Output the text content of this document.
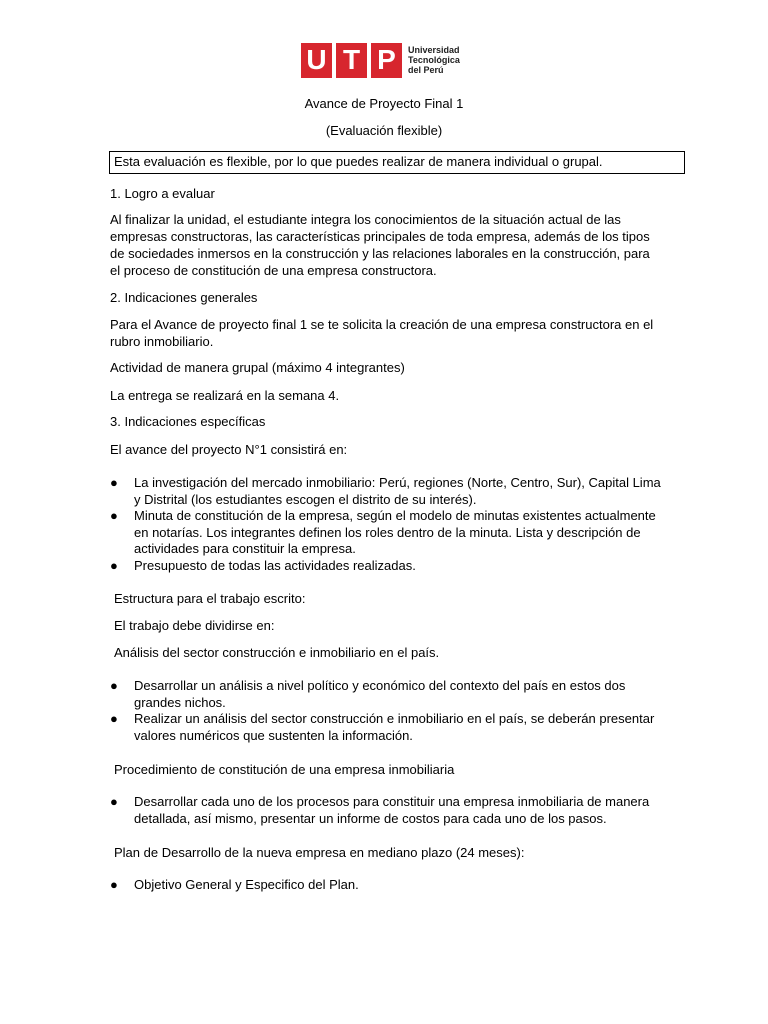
U T P	Universidad
Tecnológica
del Perú
Avance de Proyecto Final 1
(Evaluación flexible)
Esta evaluación es flexible, por lo que puedes realizar de manera individual o grupal.
1. Logro a evaluar
Al finalizar la unidad, el estudiante integra los conocimientos de la situación actual de las empresas constructoras, las características principales de toda empresa, además de los tipos de sociedades inmersos en la construcción y las relaciones laborales en la construcción, para el proceso de constitución de una empresa constructora.
2. Indicaciones generales
Para el Avance de proyecto final 1 se te solicita la creación de una empresa constructora en el rubro inmobiliario.
Actividad de manera grupal (máximo 4 integrantes)
La entrega se realizará en la semana 4.
3. Indicaciones específicas
El avance del proyecto N°1 consistirá en:
● La investigación del mercado inmobiliario: Perú, regiones (Norte, Centro, Sur), Capital Lima y Distrital (los estudiantes escogen el distrito de su interés).
● Minuta de constitución de la empresa, según el modelo de minutas existentes actualmente en notarías. Los integrantes definen los roles dentro de la minuta. Lista y descripción de actividades para constituir la empresa.
● Presupuesto de todas las actividades realizadas.
Estructura para el trabajo escrito:
El trabajo debe dividirse en:
Análisis del sector construcción e inmobiliario en el país.
● Desarrollar un análisis a nivel político y económico del contexto del país en estos dos grandes nichos.
● Realizar un análisis del sector construcción e inmobiliario en el país, se deberán presentar valores numéricos que sustenten la información.
Procedimiento de constitución de una empresa inmobiliaria
● Desarrollar cada uno de los procesos para constituir una empresa inmobiliaria de manera detallada, así mismo, presentar un informe de costos para cada uno de los pasos.
Plan de Desarrollo de la nueva empresa en mediano plazo (24 meses):
● Objetivo General y Especifico del Plan.
